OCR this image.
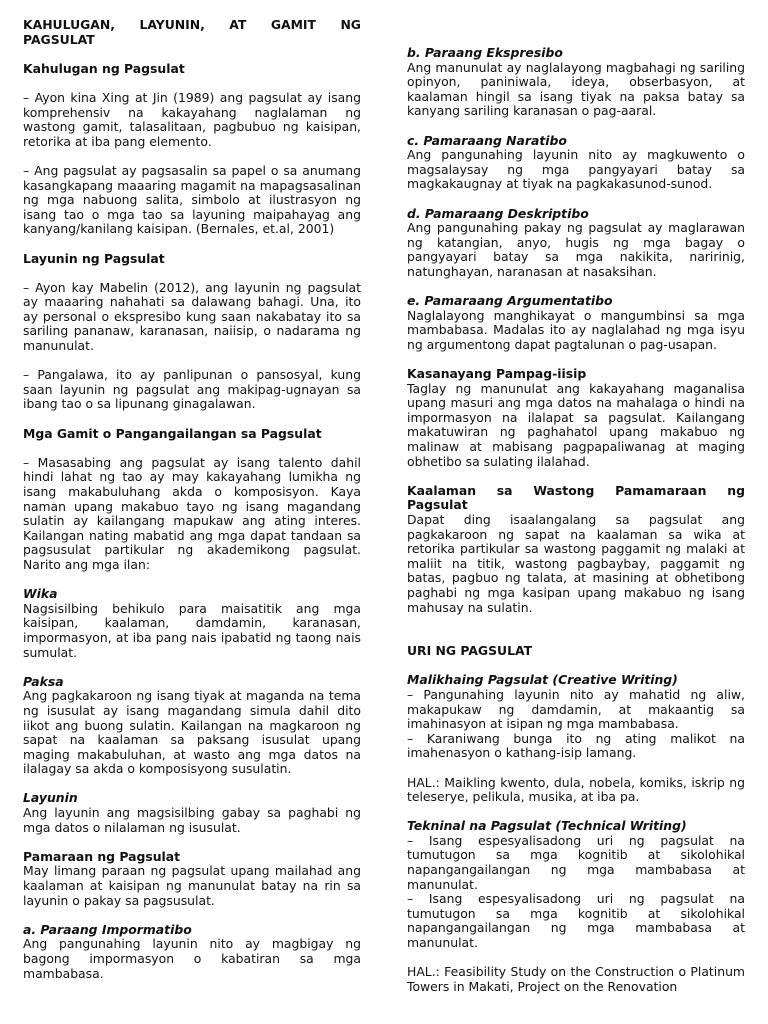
KAHULUGAN, LAYUNIN, AT GAMIT NG
PAGSULAT
Kahulugan ng Pagsulat

– Ayon kina Xing at Jin (1989) ang pagsulat ay isang komprehensiv na kakayahang naglalaman ng wastong gamit, talasalitaan, pagbubuo ng kaisipan, retorika at iba pang elemento.

– Ang pagsulat ay pagsasalin sa papel o sa anumang kasangkapang maaaring magamit na mapagsasalinan ng mga nabuong salita, simbolo at ilustrasyon ng isang tao o mga tao sa layuning maipahayag ang kanyang/kanilang kaisipan. (Bernales, et.al, 2001)

Layunin ng Pagsulat

– Ayon kay Mabelin (2012), ang layunin ng pagsulat ay maaaring nahahati sa dalawang bahagi. Una, ito ay personal o ekspresibo kung saan nakabatay ito sa sariling pananaw, karanasan, naiisip, o nadarama ng manunulat.

– Pangalawa, ito ay panlipunan o pansosyal, kung saan layunin ng pagsulat ang makipag-ugnayan sa ibang tao o sa lipunang ginagalawan.

Mga Gamit o Pangangailangan sa Pagsulat

– Masasabing ang pagsulat ay isang talento dahil hindi lahat ng tao ay may kakayahang lumikha ng isang makabuluhang akda o komposisyon. Kaya naman upang makabuo tayo ng isang magandang sulatin ay kailangang mapukaw ang ating interes. Kailangan nating mabatid ang mga dapat tandaan sa pagsusulat partikular ng akademikong pagsulat. Narito ang mga ilan:

Wika

Nagsisilbing behikulo para maisatitik ang mga kaisipan, kaalaman, damdamin, karanasan, impormasyon, at iba pang nais ipabatid ng taong nais sumulat.

Paksa

Ang pagkakaroon ng isang tiyak at maganda na tema ng isusulat ay isang magandang simula dahil dito iikot ang buong sulatin. Kailangan na magkaroon ng sapat na kaalaman sa paksang isusulat upang maging makabuluhan, at wasto ang mga datos na ilalagay sa akda o komposisyong susulatin.

Layunin

Ang layunin ang magsisilbing gabay sa paghabi ng mga datos o nilalaman ng isusulat.

Pamaraan ng Pagsulat

May limang paraan ng pagsulat upang mailahad ang kaalaman at kaisipan ng manunulat batay na rin sa layunin o pakay sa pagsusulat.

a. Paraang Impormatibo

Ang pangunahing layunin nito ay magbigay ng bagong impormasyon o kabatiran sa mga mambabasa.

b. Paraang Ekspresibo

Ang manunulat ay naglalayong magbahagi ng sariling opinyon, paniniwala, ideya, obserbasyon, at kaalaman hingil sa isang tiyak na paksa batay sa kanyang sariling karanasan o pag-aaral.

c. Pamaraang Naratibo

Ang pangunahing layunin nito ay magkuwento o magsalaysay ng mga pangyayari batay sa magkakaugnay at tiyak na pagkakasunod-sunod.

d. Pamaraang Deskriptibo

Ang pangunahing pakay ng pagsulat ay maglarawan ng katangian, anyo, hugis ng mga bagay o pangyayari batay sa mga nakikita, naririnig, natunghayan, naranasan at nasaksihan.

e. Pamaraang Argumentatibo

Naglalayong manghikayat o mangumbinsi sa mga mambabasa. Madalas ito ay naglalahad ng mga isyu ng argumentong dapat pagtalunan o pag-usapan.

Kasanayang Pampag-iisip

Taglay ng manunulat ang kakayahang maganalisa upang masuri ang mga datos na mahalaga o hindi na impormasyon na ilalapat sa pagsulat. Kailangang makatuwiran ng paghahatol upang makabuo ng malinaw at mabisang pagpapaliwanag at maging obhetibo sa sulating ilalahad.

Kaalaman sa Wastong Pamamaraan ng
Pagsulat

Dapat ding isaalangalang sa pagsulat ang pagkakaroon ng sapat na kaalaman sa wika at retorika partikular sa wastong paggamit ng malaki at maliit na titik, wastong pagbaybay, paggamit ng batas, pagbuo ng talata, at masining at obhetibong paghabi ng mga kasipan upang makabuo ng isang mahusay na sulatin.

URI NG PAGSULAT
Malikhaing Pagsulat (Creative Writing)

– Pangunahing layunin nito ay mahatid ng aliw, makapukaw ng damdamin, at makaantig sa imahinasyon at isipan ng mga mambabasa.

– Karaniwang bunga ito ng ating malikot na imahenasyon o kathang-isip lamang.

HAL.: Maikling kwento, dula, nobela, komiks, iskrip ng teleserye, pelikula, musika, at iba pa.

Tekninal na Pagsulat (Technical Writing)

– Isang espesyalisadong uri ng pagsulat na tumutugon sa mga kognitib at sikolohikal napangangailangan ng mga mambabasa at manunulat.

– Isang espesyalisadong uri ng pagsulat na tumutugon sa mga kognitib at sikolohikal napangangailangan ng mga mambabasa at manunulat.

HAL.: Feasibility Study on the Construction o Platinum Towers in Makati, Project on the Renovation
